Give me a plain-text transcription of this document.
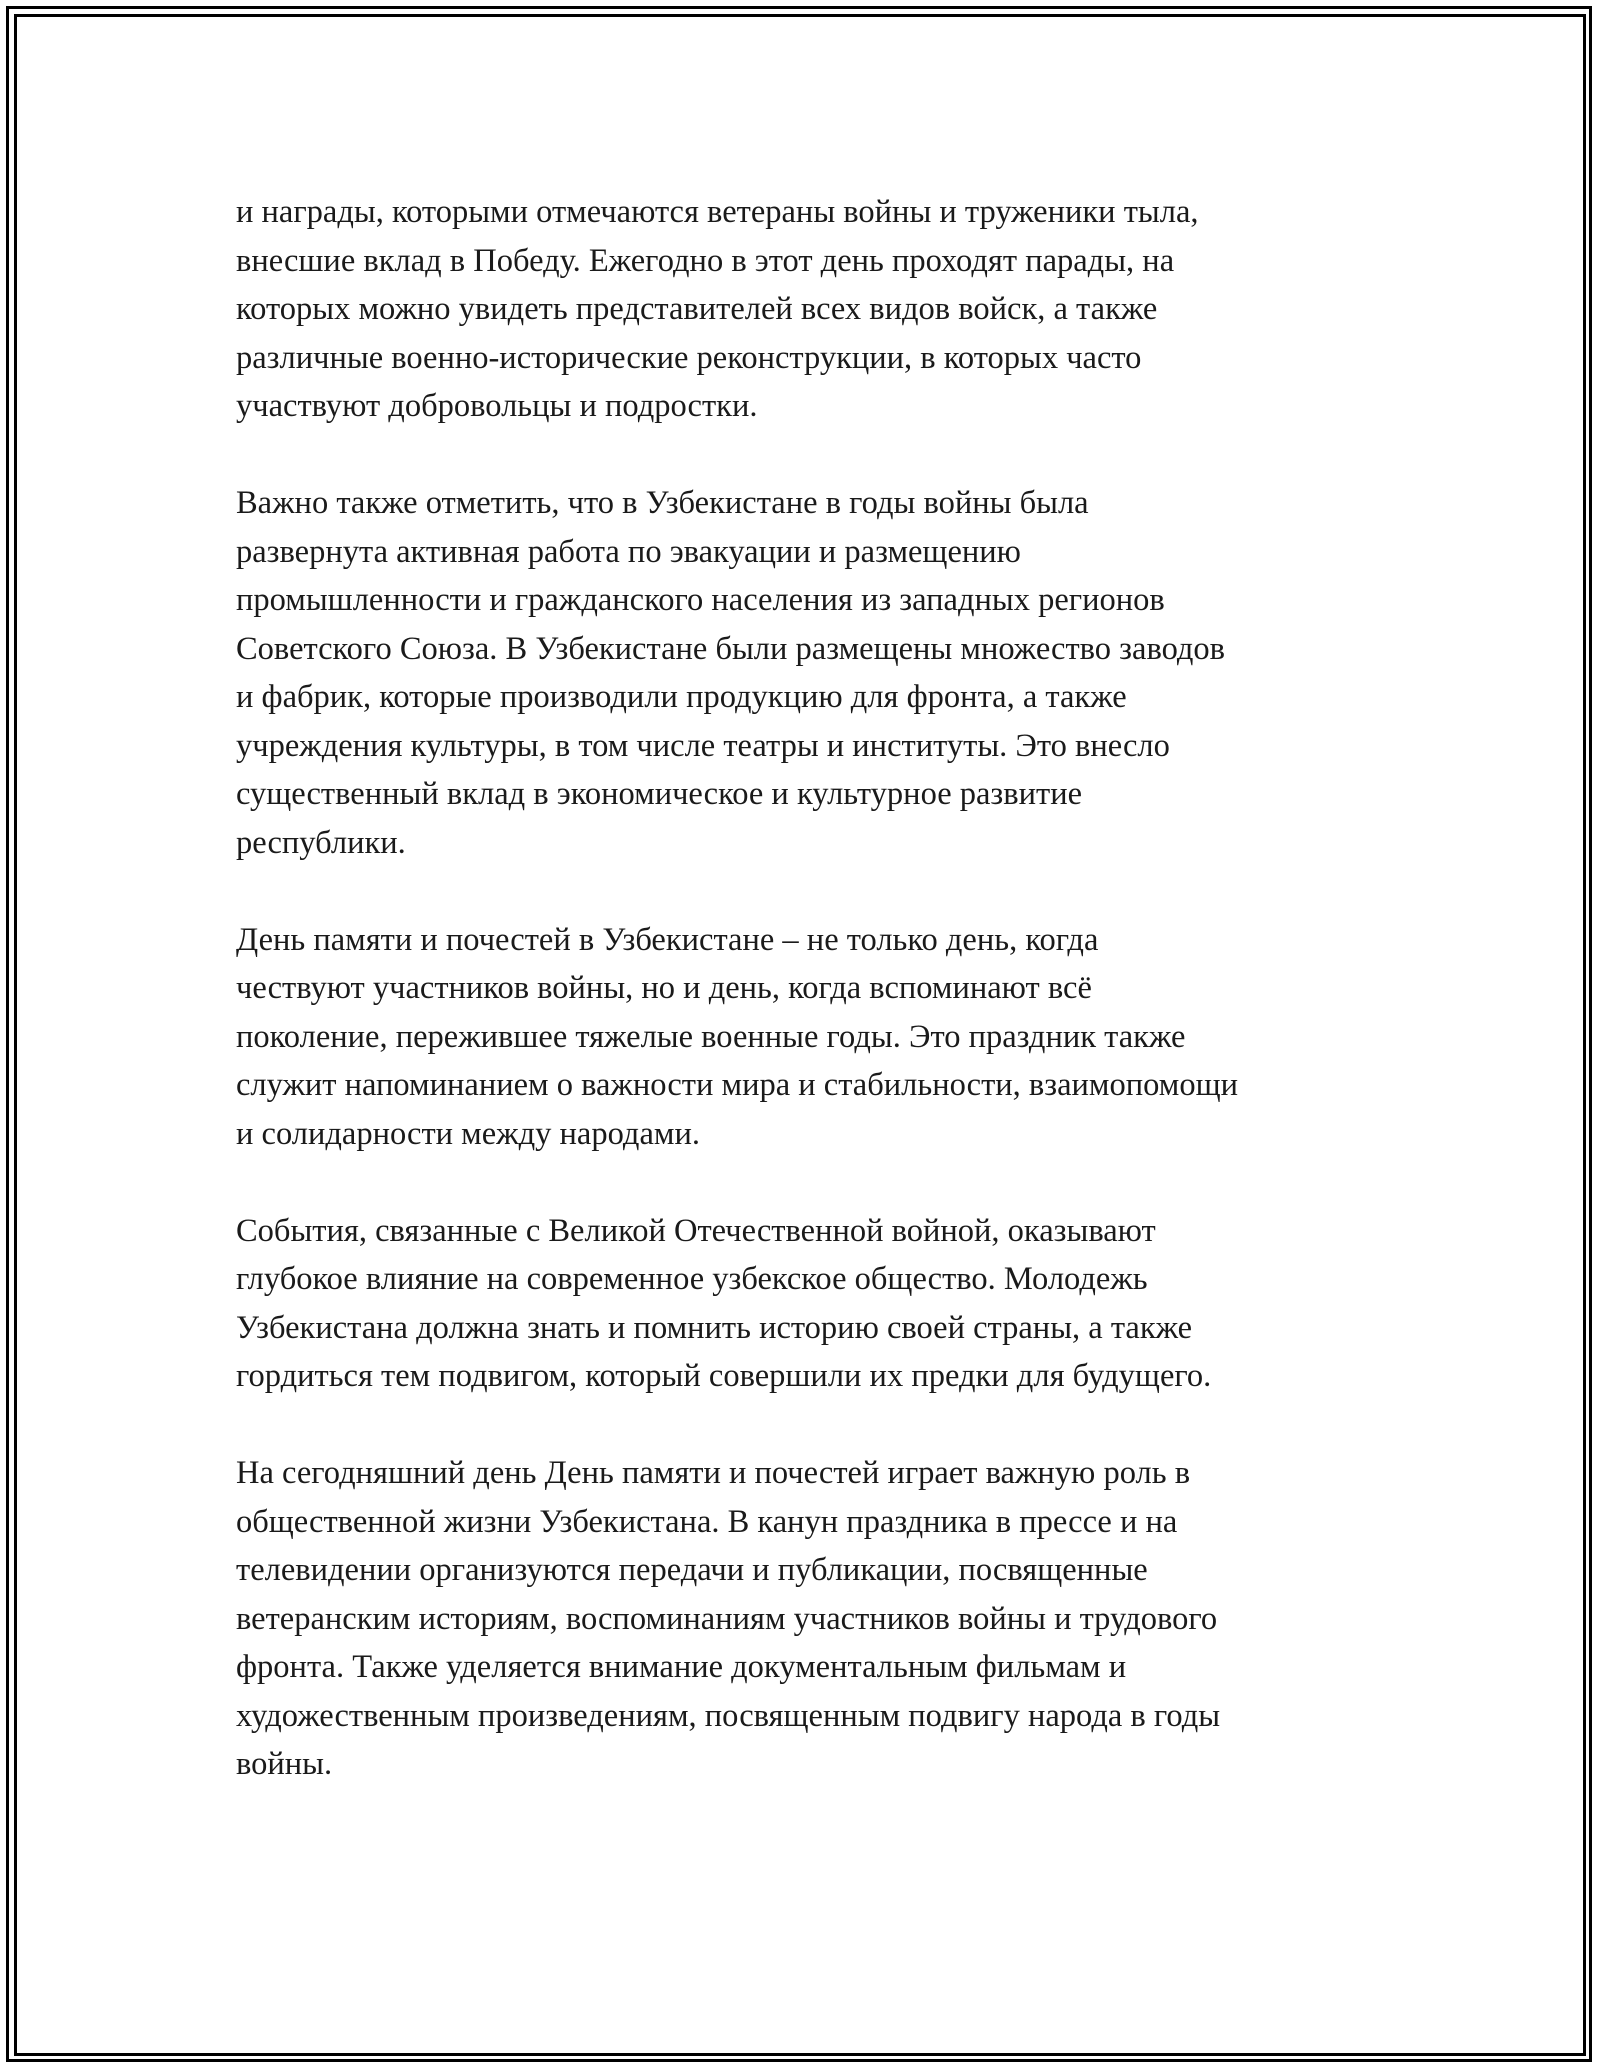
и награды, которыми отмечаются ветераны войны и труженики тыла,
внесшие вклад в Победу. Ежегодно в этот день проходят парады, на
которых можно увидеть представителей всех видов войск, а также
различные военно-исторические реконструкции, в которых часто
участвуют добровольцы и подростки.

Важно также отметить, что в Узбекистане в годы войны была
развернута активная работа по эвакуации и размещению
промышленности и гражданского населения из западных регионов
Советского Союза. В Узбекистане были размещены множество заводов
и фабрик, которые производили продукцию для фронта, а также
учреждения культуры, в том числе театры и институты. Это внесло
существенный вклад в экономическое и культурное развитие
республики.

День памяти и почестей в Узбекистане – не только день, когда
чествуют участников войны, но и день, когда вспоминают всё
поколение, пережившее тяжелые военные годы. Это праздник также
служит напоминанием о важности мира и стабильности, взаимопомощи
и солидарности между народами.

События, связанные с Великой Отечественной войной, оказывают
глубокое влияние на современное узбекское общество. Молодежь
Узбекистана должна знать и помнить историю своей страны, а также
гордиться тем подвигом, который совершили их предки для будущего.

На сегодняшний день День памяти и почестей играет важную роль в
общественной жизни Узбекистана. В канун праздника в прессе и на
телевидении организуются передачи и публикации, посвященные
ветеранским историям, воспоминаниям участников войны и трудового
фронта. Также уделяется внимание документальным фильмам и
художественным произведениям, посвященным подвигу народа в годы
войны.
